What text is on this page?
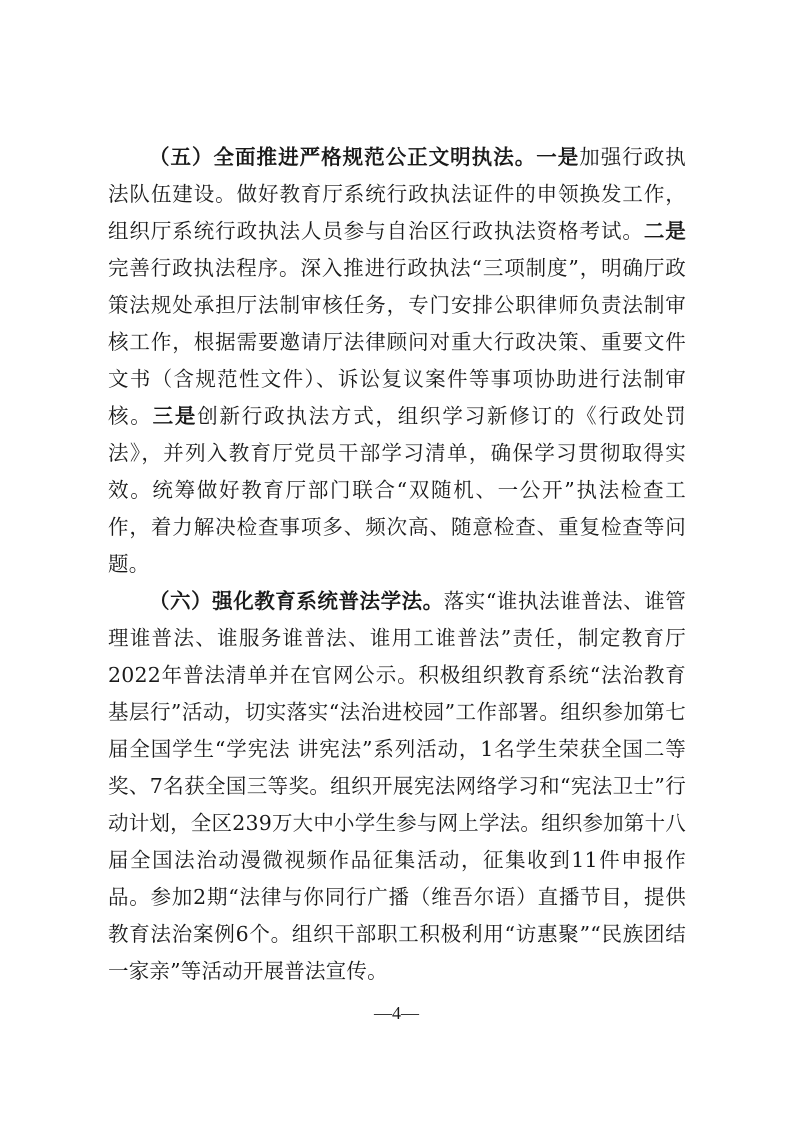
（五）全面推进严格规范公正文明执法。一是加强行政执法队伍建设。做好教育厅系统行政执法证件的申领换发工作，组织厅系统行政执法人员参与自治区行政执法资格考试。二是完善行政执法程序。深入推进行政执法“三项制度”，明确厅政策法规处承担厅法制审核任务，专门安排公职律师负责法制审核工作，根据需要邀请厅法律顾问对重大行政决策、重要文件文书（含规范性文件）、诉讼复议案件等事项协助进行法制审核。三是创新行政执法方式，组织学习新修订的《行政处罚法》，并列入教育厅党员干部学习清单，确保学习贯彻取得实效。统筹做好教育厅部门联合“双随机、一公开”执法检查工作，着力解决检查事项多、频次高、随意检查、重复检查等问题。

（六）强化教育系统普法学法。落实“谁执法谁普法、谁管理谁普法、谁服务谁普法、谁用工谁普法”责任，制定教育厅2022年普法清单并在官网公示。积极组织教育系统“法治教育基层行”活动，切实落实“法治进校园”工作部署。组织参加第七届全国学生“学宪法 讲宪法”系列活动，1名学生荣获全国二等奖、7名获全国三等奖。组织开展宪法网络学习和“宪法卫士”行动计划，全区239万大中小学生参与网上学法。组织参加第十八届全国法治动漫微视频作品征集活动，征集收到11件申报作品。参加2期“法律与你同行广播（维吾尔语）直播节目，提供教育法治案例6个。组织干部职工积极利用“访惠聚”“民族团结一家亲”等活动开展普法宣传。

—4—
